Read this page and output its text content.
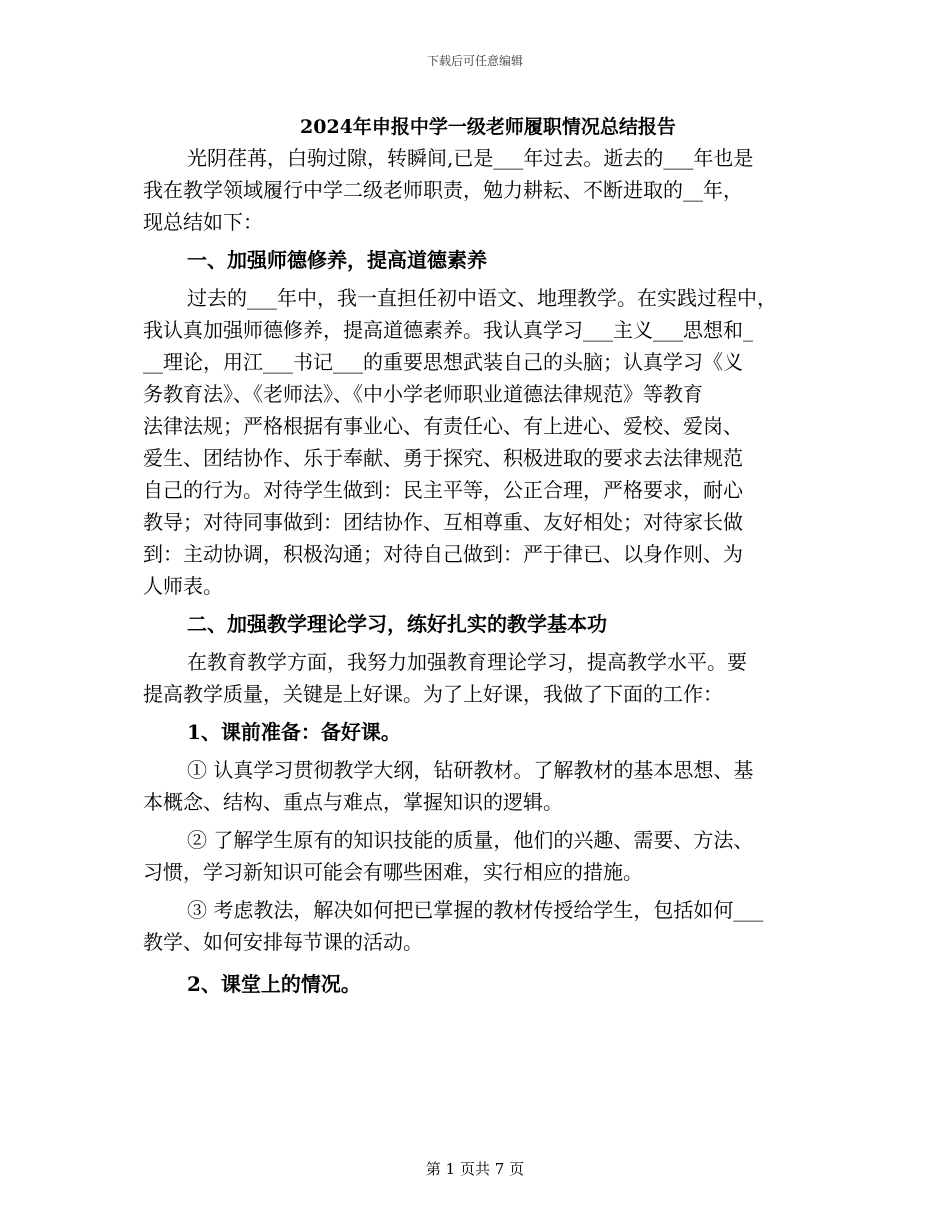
下载后可任意编辑

2024年申报中学一级老师履职情况总结报告

光阴荏苒，白驹过隙，转瞬间,已是___年过去。逝去的___年也是

我在教学领域履行中学二级老师职责，勉力耕耘、不断进取的__年，

现总结如下：

一、加强师德修养，提高道德素养

过去的___年中，我一直担任初中语文、地理教学。在实践过程中，

我认真加强师德修养，提高道德素养。我认真学习___主义___思想和_

__理论，用江___书记___的重要思想武装自己的头脑；认真学习《义

务教育法》、《老师法》、《中小学老师职业道德法律规范》等教育

法律法规；严格根据有事业心、有责任心、有上进心、爱校、爱岗、

爱生、团结协作、乐于奉献、勇于探究、积极进取的要求去法律规范

自己的行为。对待学生做到：民主平等，公正合理，严格要求，耐心

教导；对待同事做到：团结协作、互相尊重、友好相处；对待家长做

到：主动协调，积极沟通；对待自己做到：严于律已、以身作则、为

人师表。

二、加强教学理论学习，练好扎实的教学基本功

在教育教学方面，我努力加强教育理论学习，提高教学水平。要

提高教学质量，关键是上好课。为了上好课，我做了下面的工作：

1、课前准备：备好课。

① 认真学习贯彻教学大纲，钻研教材。了解教材的基本思想、基

本概念、结构、重点与难点，掌握知识的逻辑。

② 了解学生原有的知识技能的质量，他们的兴趣、需要、方法、

习惯，学习新知识可能会有哪些困难，实行相应的措施。

③ 考虑教法，解决如何把已掌握的教材传授给学生，包括如何___

教学、如何安排每节课的活动。

2、课堂上的情况。

第 1 页共 7 页
